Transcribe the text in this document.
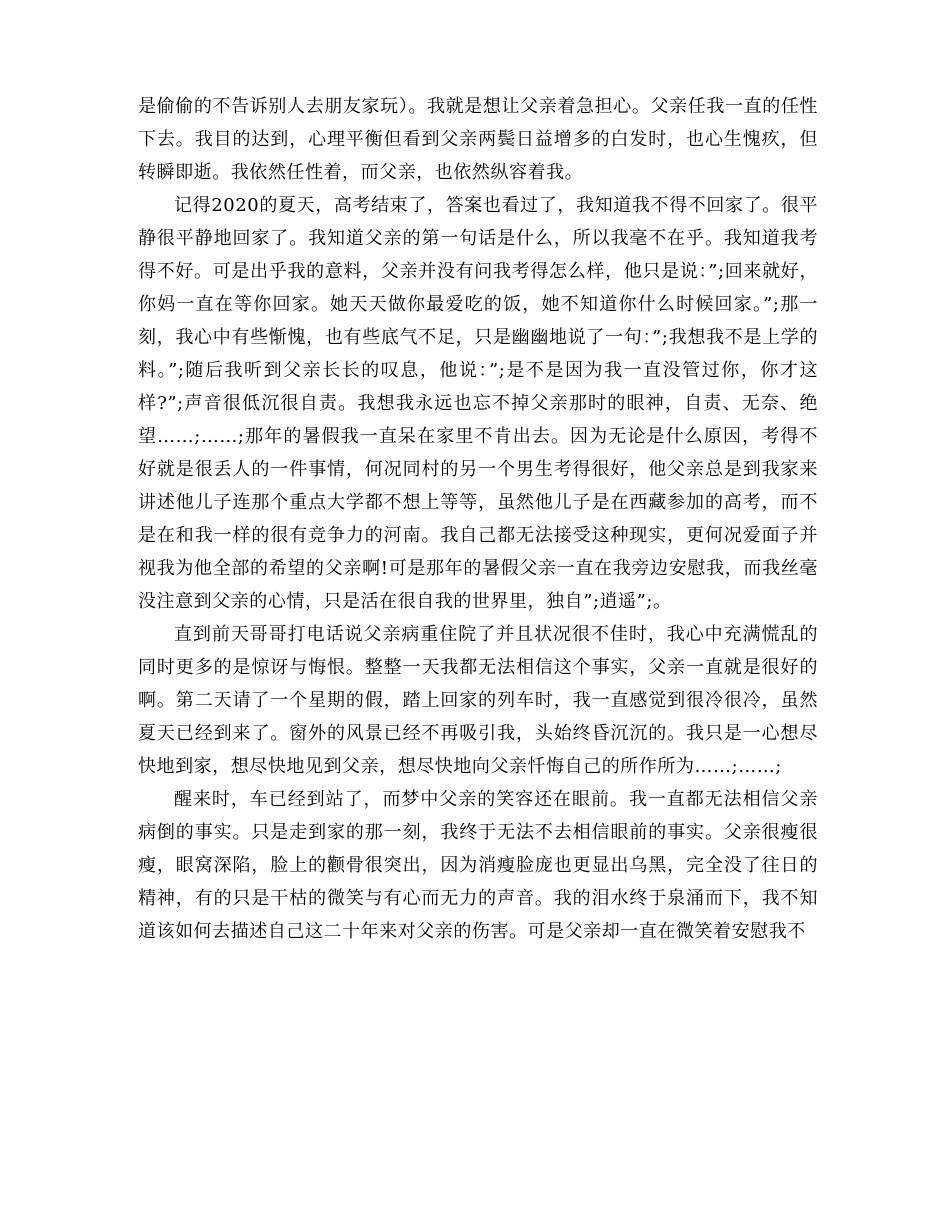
是偷偷的不告诉别人去朋友家玩）。我就是想让父亲着急担心。父亲任我一直的任性下去。我目的达到，心理平衡但看到父亲两鬓日益增多的白发时，也心生愧疚，但转瞬即逝。我依然任性着，而父亲，也依然纵容着我。

记得2020的夏天，高考结束了，答案也看过了，我知道我不得不回家了。很平静很平静地回家了。我知道父亲的第一句话是什么，所以我毫不在乎。我知道我考得不好。可是出乎我的意料，父亲并没有问我考得怎么样，他只是说：”;回来就好，你妈一直在等你回家。她天天做你最爱吃的饭，她不知道你什么时候回家。”;那一刻，我心中有些惭愧，也有些底气不足，只是幽幽地说了一句：”;我想我不是上学的料。”;随后我听到父亲长长的叹息，他说：”;是不是因为我一直没管过你，你才这样?”;声音很低沉很自责。我想我永远也忘不掉父亲那时的眼神，自责、无奈、绝望……;……;那年的暑假我一直呆在家里不肯出去。因为无论是什么原因，考得不好就是很丢人的一件事情，何况同村的另一个男生考得很好，他父亲总是到我家来讲述他儿子连那个重点大学都不想上等等，虽然他儿子是在西藏参加的高考，而不是在和我一样的很有竞争力的河南。我自己都无法接受这种现实，更何况爱面子并视我为他全部的希望的父亲啊!可是那年的暑假父亲一直在我旁边安慰我，而我丝毫没注意到父亲的心情，只是活在很自我的世界里，独自”;逍遥”;。

直到前天哥哥打电话说父亲病重住院了并且状况很不佳时，我心中充满慌乱的同时更多的是惊讶与悔恨。整整一天我都无法相信这个事实，父亲一直就是很好的啊。第二天请了一个星期的假，踏上回家的列车时，我一直感觉到很冷很冷，虽然夏天已经到来了。窗外的风景已经不再吸引我，头始终昏沉沉的。我只是一心想尽快地到家，想尽快地见到父亲，想尽快地向父亲忏悔自己的所作所为……;……;

醒来时，车已经到站了，而梦中父亲的笑容还在眼前。我一直都无法相信父亲病倒的事实。只是走到家的那一刻，我终于无法不去相信眼前的事实。父亲很瘦很瘦，眼窝深陷，脸上的颧骨很突出，因为消瘦脸庞也更显出乌黑，完全没了往日的精神，有的只是干枯的微笑与有心而无力的声音。我的泪水终于泉涌而下，我不知道该如何去描述自己这二十年来对父亲的伤害。可是父亲却一直在微笑着安慰我不
